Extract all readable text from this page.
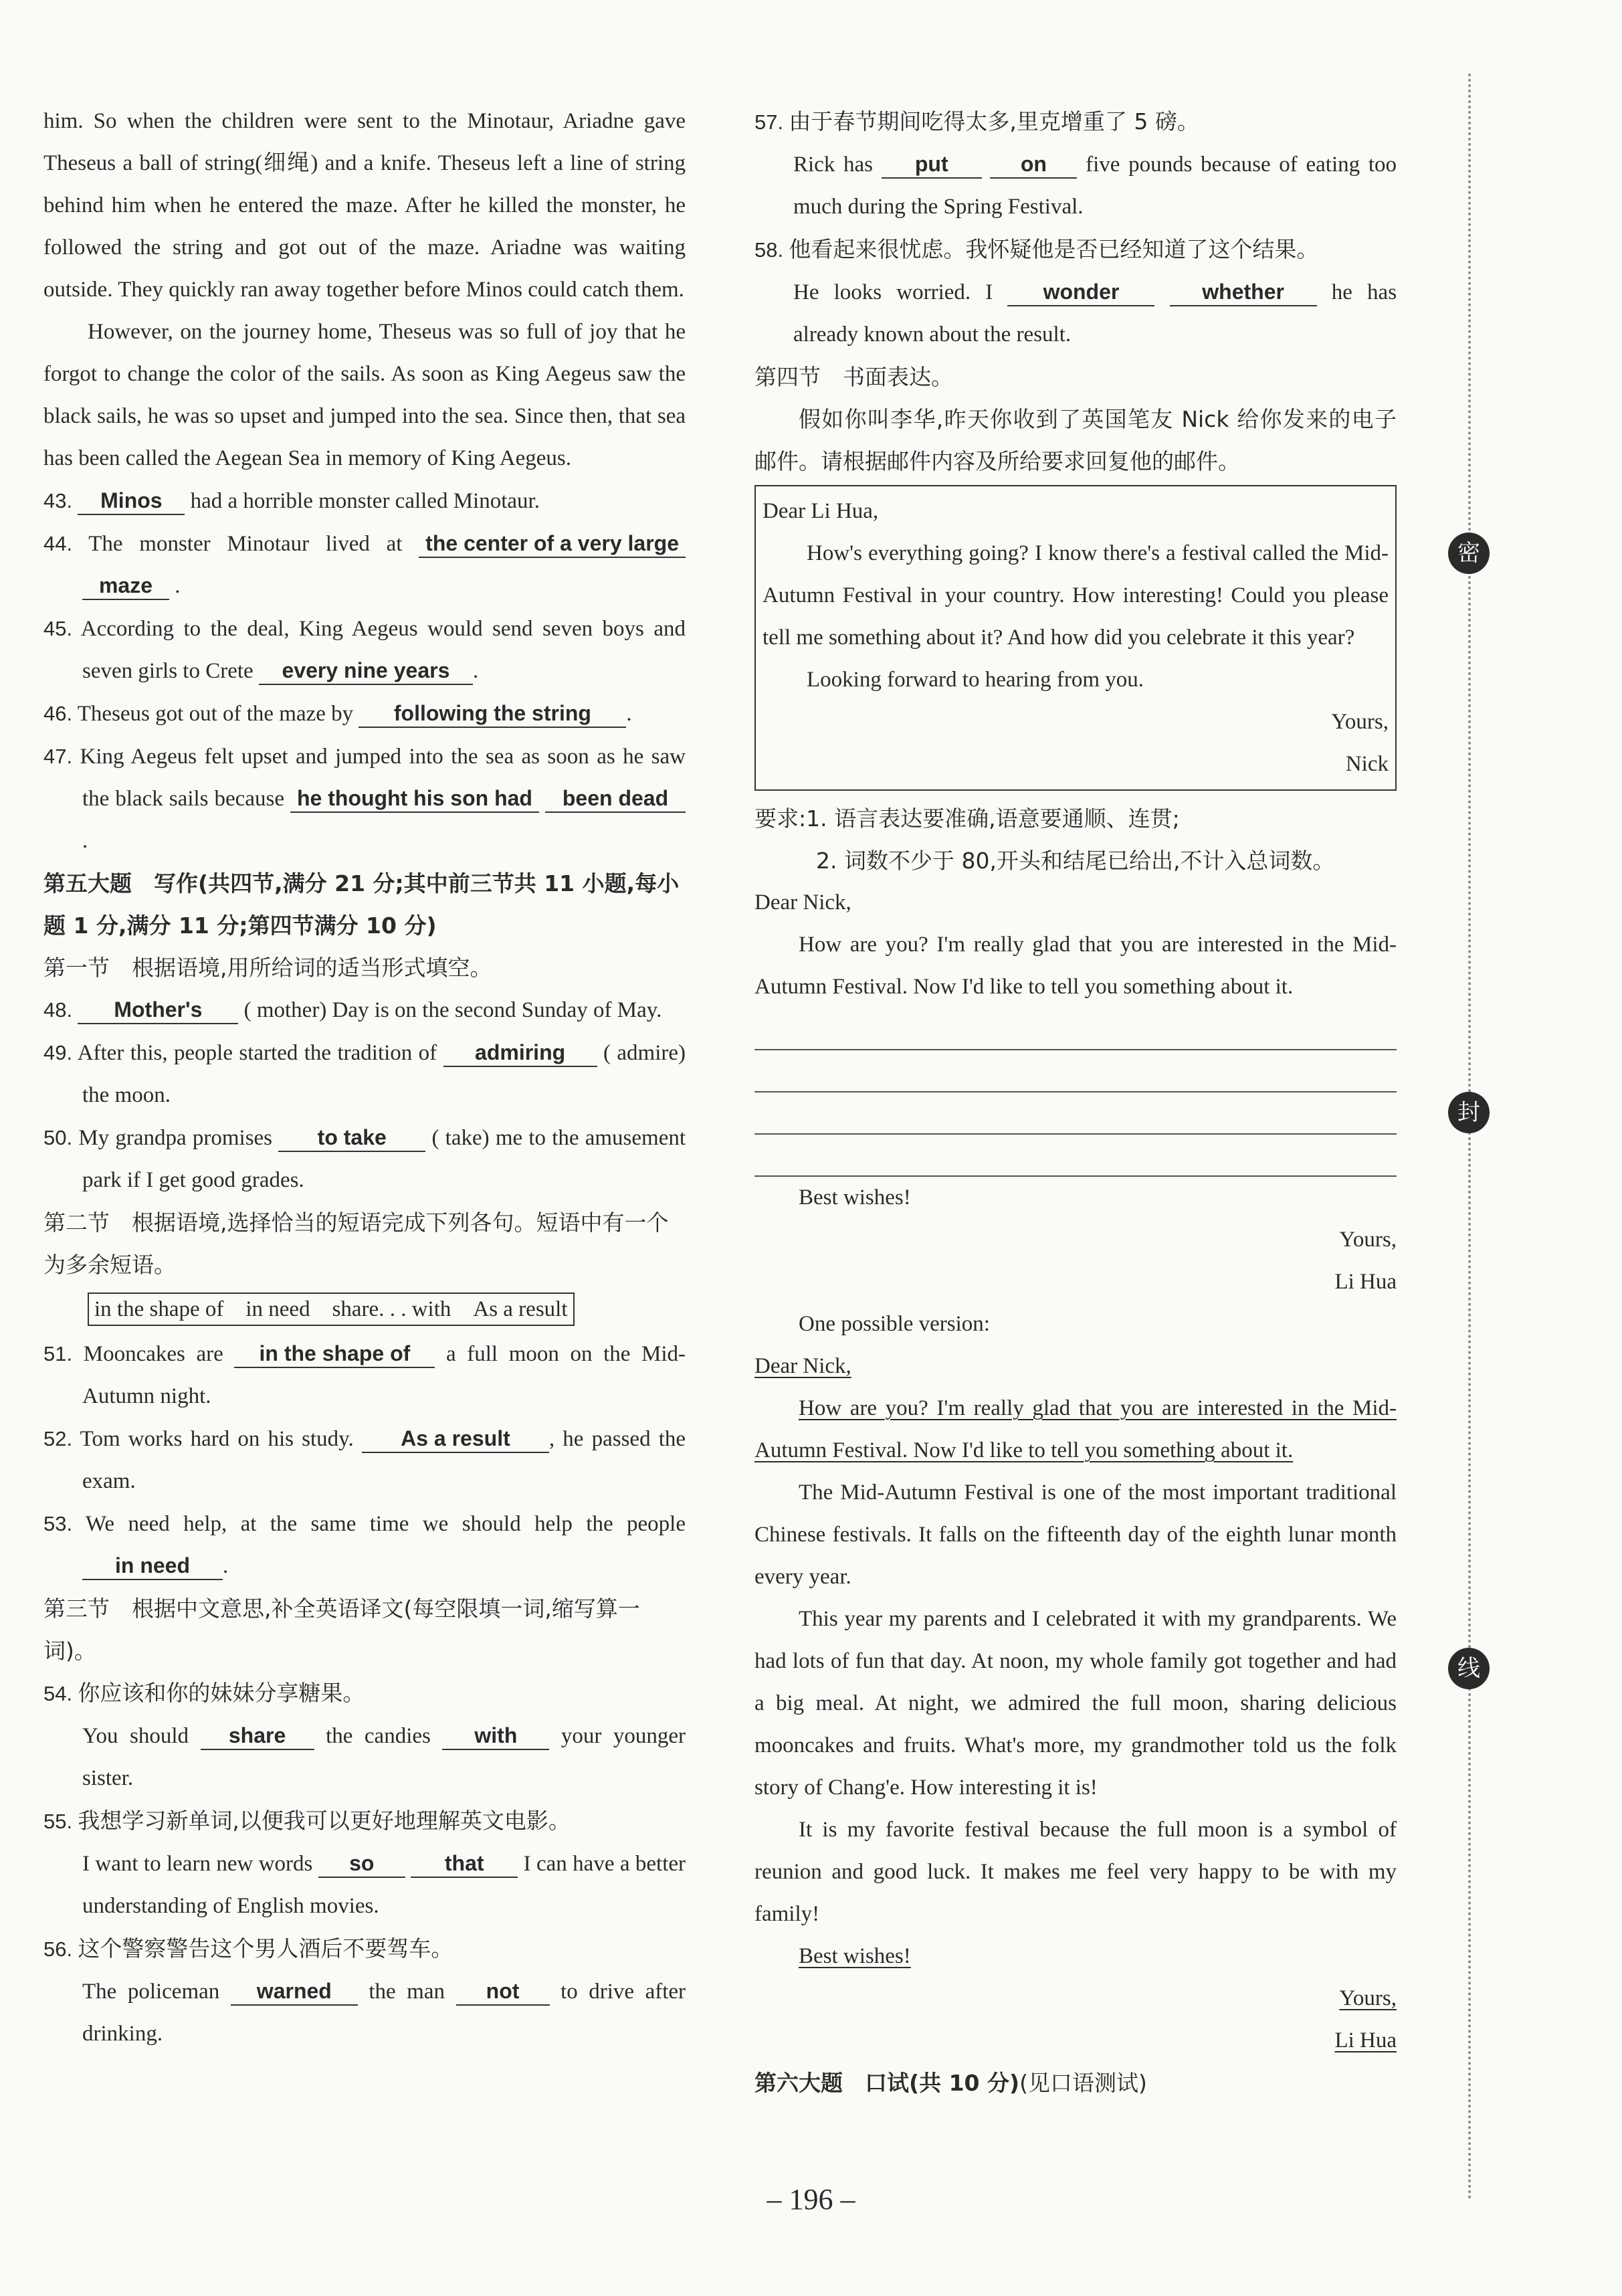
密
封
线

him. So when the children were sent to the Minotaur, Ariadne gave Theseus a ball of string(细绳) and a knife. Theseus left a line of string behind him when he entered the maze. After he killed the monster, he followed the string and got out of the maze. Ariadne was waiting outside. They quickly ran away together before Minos could catch them.

However, on the journey home, Theseus was so full of joy that he forgot to change the color of the sails. As soon as King Aegeus saw the black sails, he was so upset and jumped into the sea. Since then, that sea has been called the Aegean Sea in memory of King Aegeus.

43. Minos had a horrible monster called Minotaur.

44. The monster Minotaur lived at the center of a very large maze .

45. According to the deal, King Aegeus would send seven boys and seven girls to Crete every nine years .

46. Theseus got out of the maze by following the string .

47. King Aegeus felt upset and jumped into the sea as soon as he saw the black sails because he thought his son had been dead.

第五大题　写作(共四节,满分 21 分;其中前三节共 11 小题,每小题 1 分,满分 11 分;第四节满分 10 分)

第一节　根据语境,用所给词的适当形式填空。

48. Mother's ( mother) Day is on the second Sunday of May.

49. After this, people started the tradition of admiring ( admire) the moon.

50. My grandpa promises to take ( take) me to the amusement park if I get good grades.

第二节　根据语境,选择恰当的短语完成下列各句。短语中有一个为多余短语。

in the shape of　in need　share. . . with　As a result

51. Mooncakes are in the shape of a full moon on the Mid-Autumn night.

52. Tom works hard on his study. As a result , he passed the exam.

53. We need help, at the same time we should help the people in need .

第三节　根据中文意思,补全英语译文(每空限填一词,缩写算一词)。

54. 你应该和你的妹妹分享糖果。
You should share the candies with your younger sister.

55. 我想学习新单词,以便我可以更好地理解英文电影。
I want to learn new words so	that I can have a better understanding of English movies.

56. 这个警察警告这个男人酒后不要驾车。
The policeman warned the man not to drive after drinking.

57. 由于春节期间吃得太多,里克增重了 5 磅。
Rick has put	on five pounds because of eating too much during the Spring Festival.

58. 他看起来很忧虑。我怀疑他是否已经知道了这个结果。
He looks worried. I wonder	whether he has already known about the result.

第四节　书面表达。

假如你叫李华,昨天你收到了英国笔友 Nick 给你发来的电子邮件。请根据邮件内容及所给要求回复他的邮件。

Dear Li Hua,

How's everything going? I know there's a festival called the Mid-Autumn Festival in your country. How interesting! Could you please tell me something about it? And how did you celebrate it this year?

Looking forward to hearing from you.

Yours,

Nick

要求:1. 语言表达要准确,语意要通顺、连贯;

2. 词数不少于 80,开头和结尾已给出,不计入总词数。

Dear Nick,

How are you? I'm really glad that you are interested in the Mid-Autumn Festival. Now I'd like to tell you something about it.

Best wishes!

Yours,

Li Hua

One possible version:

Dear Nick,

How are you? I'm really glad that you are interested in the Mid-Autumn Festival. Now I'd like to tell you something about it.

The Mid-Autumn Festival is one of the most important traditional Chinese festivals. It falls on the fifteenth day of the eighth lunar month every year.

This year my parents and I celebrated it with my grandparents. We had lots of fun that day. At noon, my whole family got together and had a big meal. At night, we admired the full moon, sharing delicious mooncakes and fruits. What's more, my grandmother told us the folk story of Chang'e. How interesting it is!

It is my favorite festival because the full moon is a symbol of reunion and good luck. It makes me feel very happy to be with my family!

Best wishes!

Yours,

Li Hua

第六大题　口试(共 10 分)(见口语测试)

– 196 –
